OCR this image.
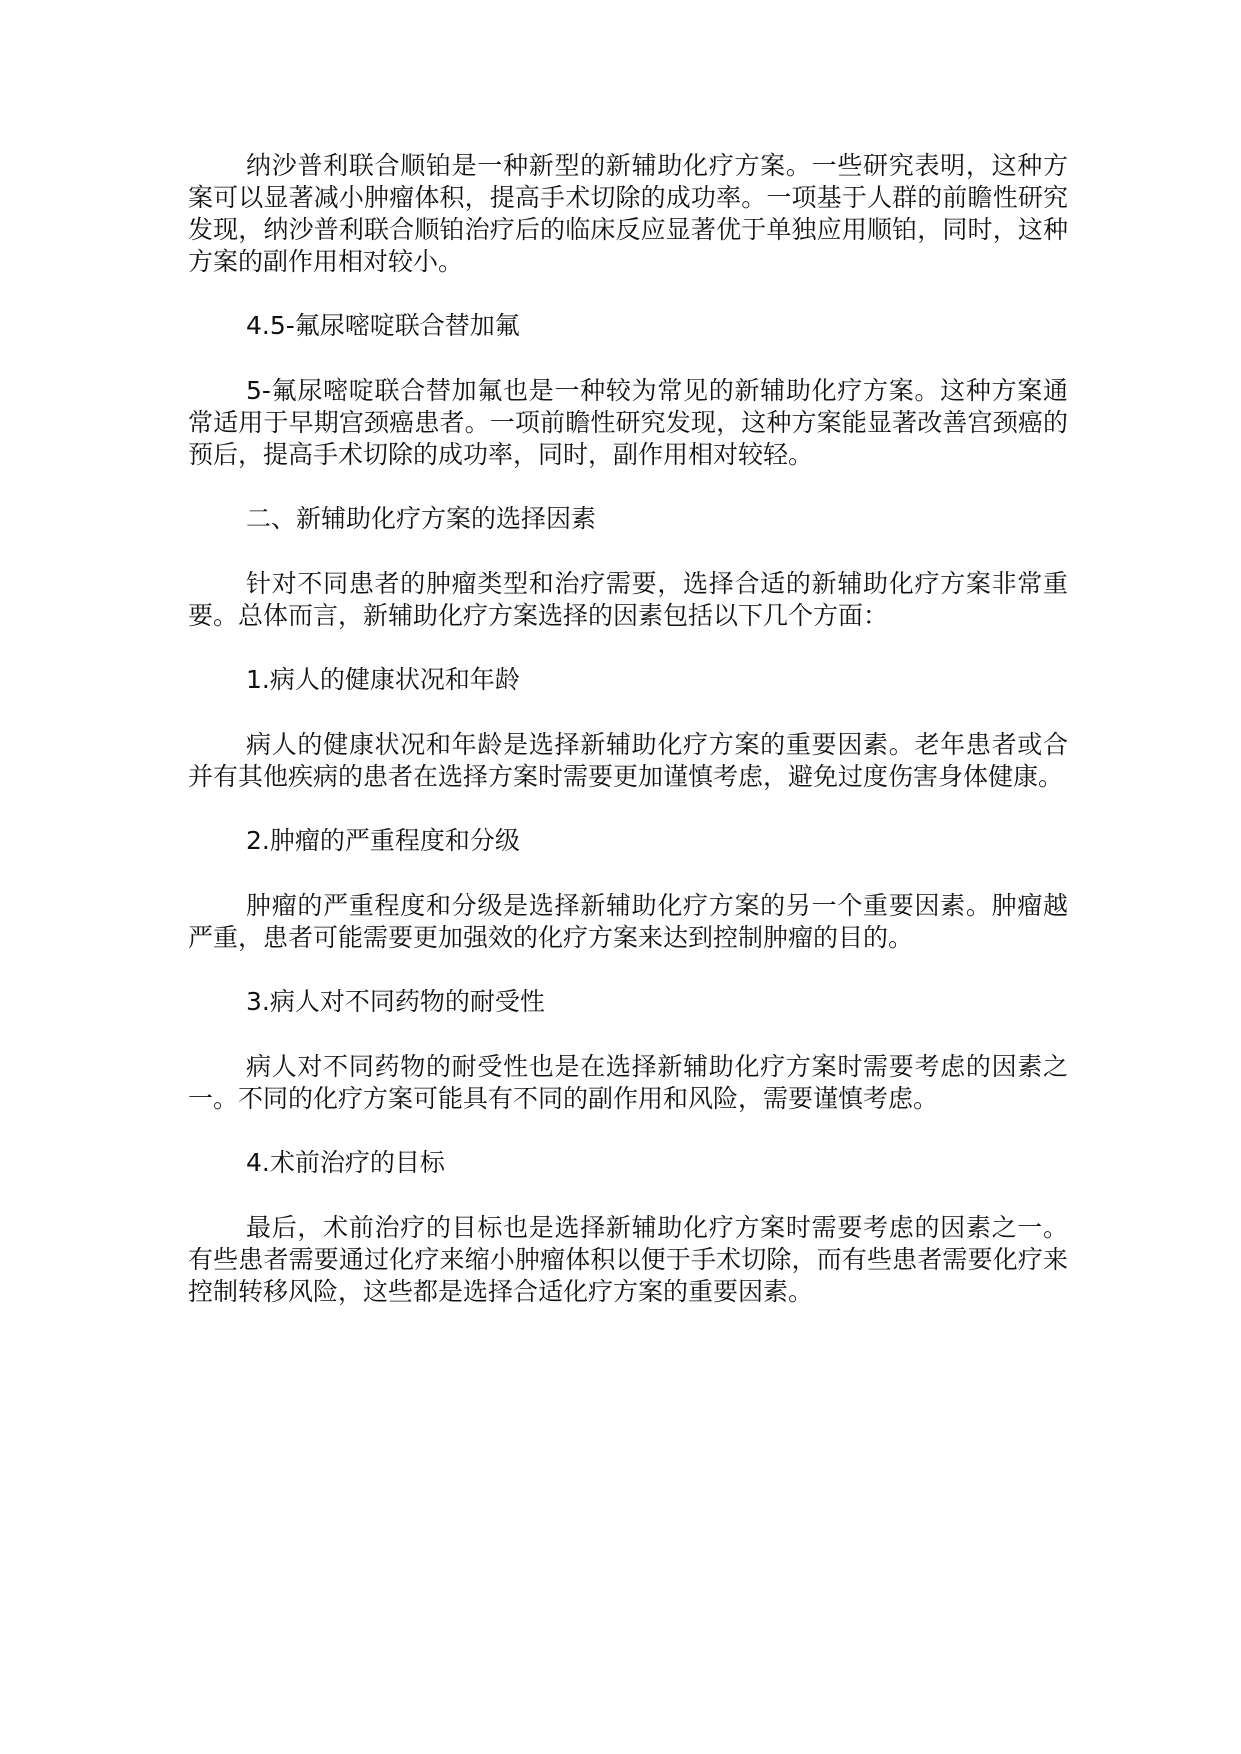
纳沙普利联合顺铂是一种新型的新辅助化疗方案。一些研究表明，这种方案可以显著减小肿瘤体积，提高手术切除的成功率。一项基于人群的前瞻性研究发现，纳沙普利联合顺铂治疗后的临床反应显著优于单独应用顺铂，同时，这种方案的副作用相对较小。

4.5-氟尿嘧啶联合替加氟

5-氟尿嘧啶联合替加氟也是一种较为常见的新辅助化疗方案。这种方案通常适用于早期宫颈癌患者。一项前瞻性研究发现，这种方案能显著改善宫颈癌的预后，提高手术切除的成功率，同时，副作用相对较轻。

二、新辅助化疗方案的选择因素

针对不同患者的肿瘤类型和治疗需要，选择合适的新辅助化疗方案非常重要。总体而言，新辅助化疗方案选择的因素包括以下几个方面：

1.病人的健康状况和年龄

病人的健康状况和年龄是选择新辅助化疗方案的重要因素。老年患者或合并有其他疾病的患者在选择方案时需要更加谨慎考虑，避免过度伤害身体健康。

2.肿瘤的严重程度和分级

肿瘤的严重程度和分级是选择新辅助化疗方案的另一个重要因素。肿瘤越严重，患者可能需要更加强效的化疗方案来达到控制肿瘤的目的。

3.病人对不同药物的耐受性

病人对不同药物的耐受性也是在选择新辅助化疗方案时需要考虑的因素之一。不同的化疗方案可能具有不同的副作用和风险，需要谨慎考虑。

4.术前治疗的目标

最后，术前治疗的目标也是选择新辅助化疗方案时需要考虑的因素之一。有些患者需要通过化疗来缩小肿瘤体积以便于手术切除，而有些患者需要化疗来控制转移风险，这些都是选择合适化疗方案的重要因素。
